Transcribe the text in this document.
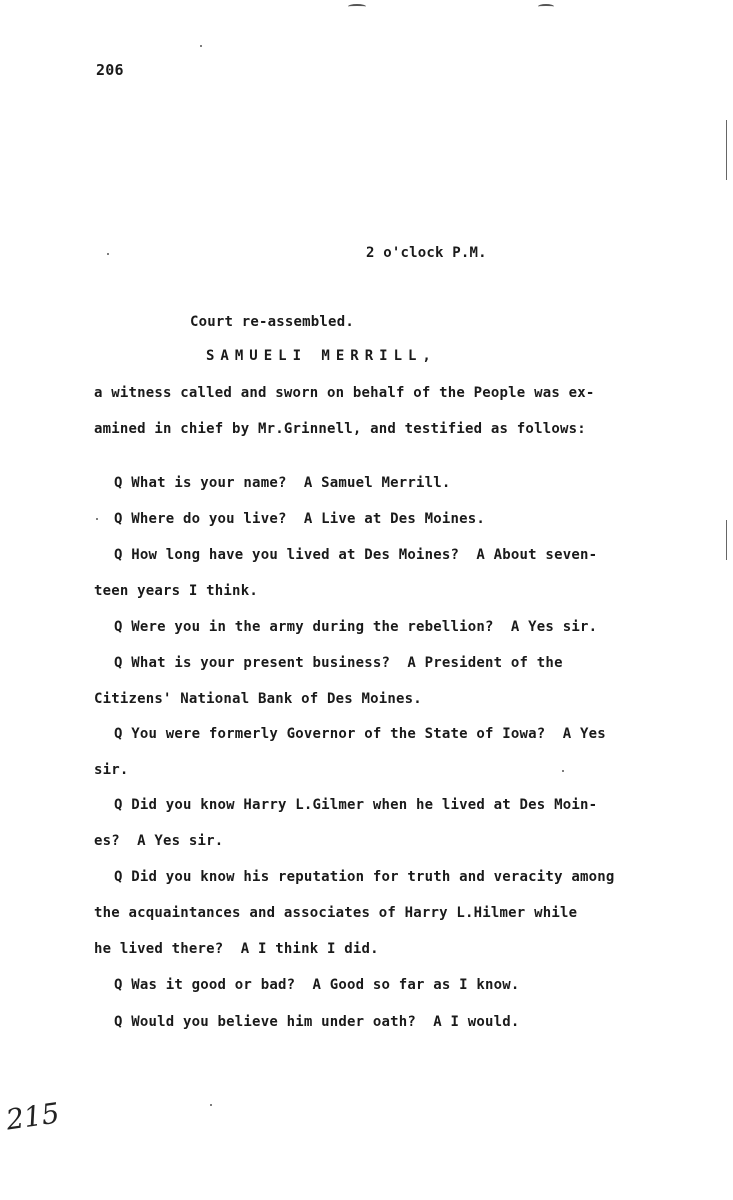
206
2 o'clock P.M.
Court re-assembled.
SAMUELI MERRILL,
a witness called and sworn on behalf of the People was ex-
amined in chief by Mr.Grinnell, and testified as follows:
Q What is your name?  A Samuel Merrill.
Q Where do you live?  A Live at Des Moines.
Q How long have you lived at Des Moines?  A About seven-
teen years I think.
Q Were you in the army during the rebellion?  A Yes sir.
Q What is your present business?  A President of the
Citizens' National Bank of Des Moines.
Q You were formerly Governor of the State of Iowa?  A Yes
sir.
Q Did you know Harry L.Gilmer when he lived at Des Moin-
es?  A Yes sir.
Q Did you know his reputation for truth and veracity among
the acquaintances and associates of Harry L.Hilmer while
he lived there?  A I think I did.
Q Was it good or bad?  A Good so far as I know.
Q Would you believe him under oath?  A I would.
215
